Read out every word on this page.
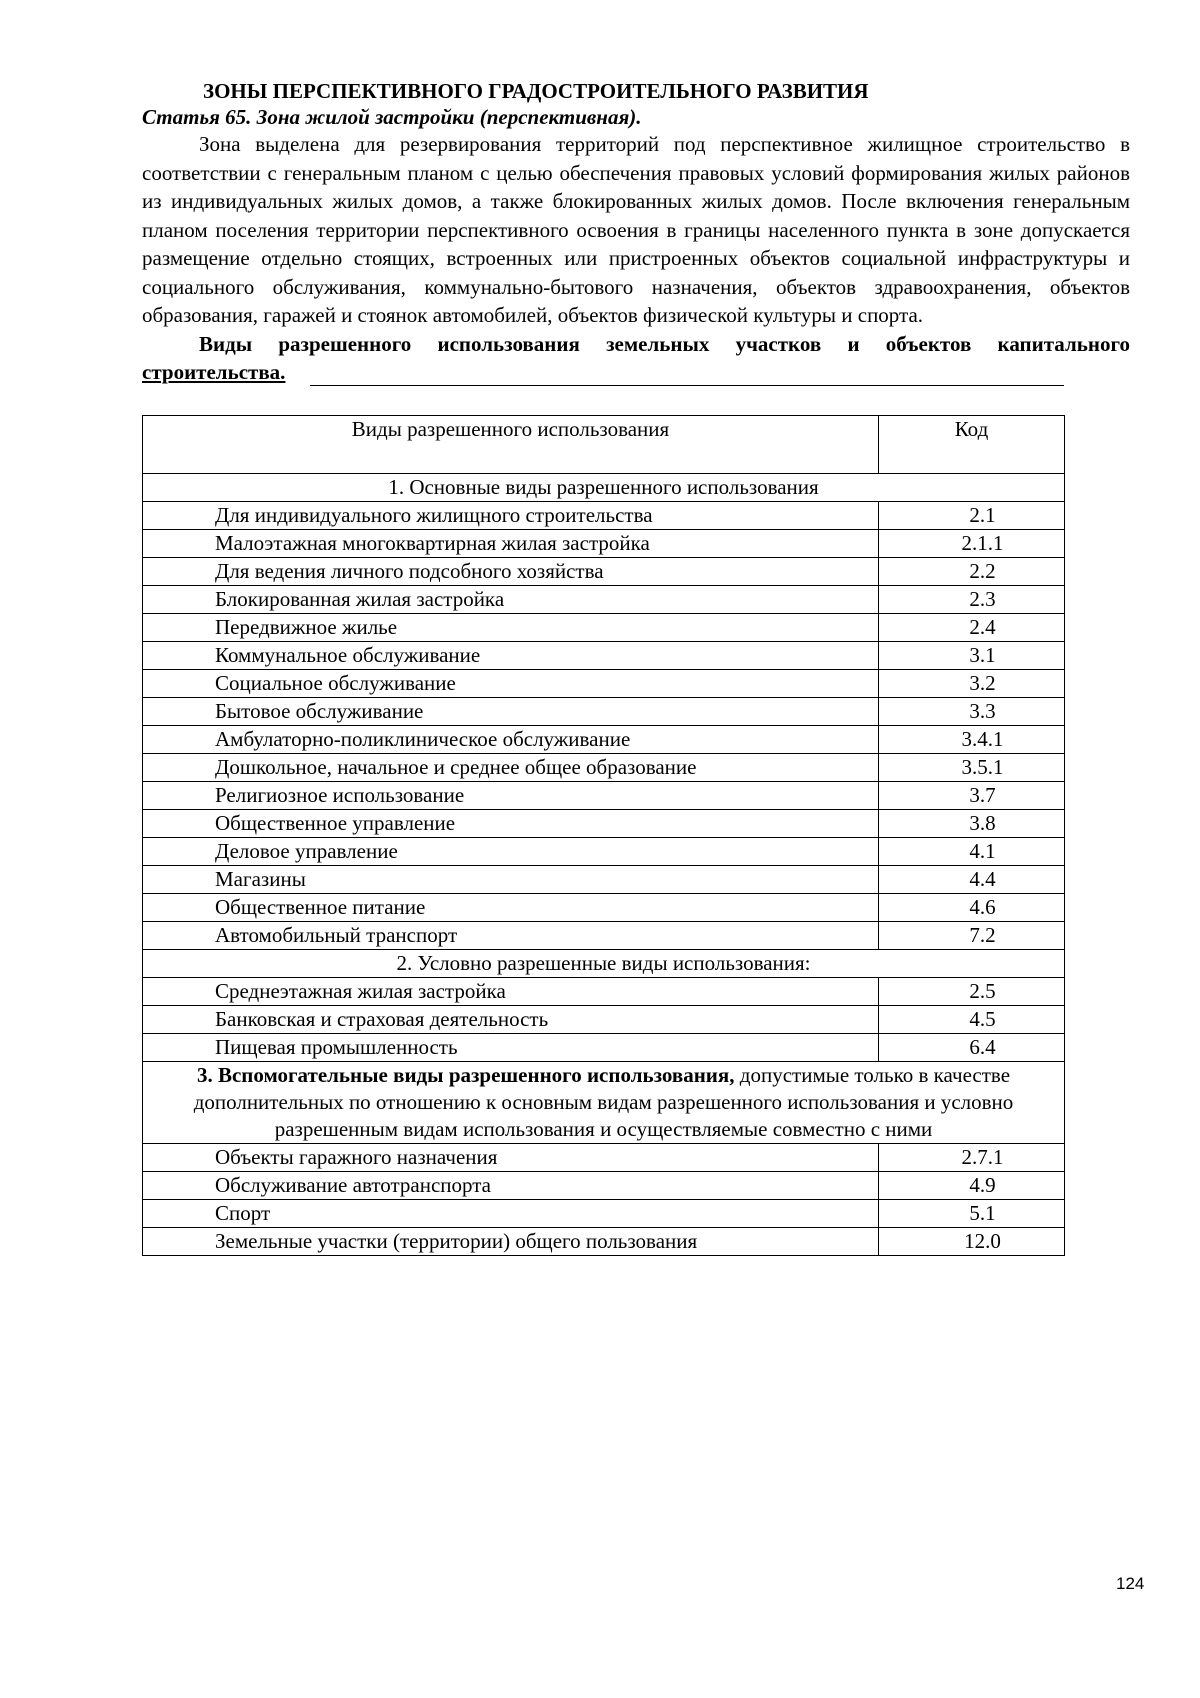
ЗОНЫ ПЕРСПЕКТИВНОГО ГРАДОСТРОИТЕЛЬНОГО РАЗВИТИЯ

Статья 65. Зона жилой застройки (перспективная).

Зона выделена для резервирования территорий под перспективное жилищное строительство в соответствии с генеральным планом с целью обеспечения правовых условий формирования жилых районов из индивидуальных жилых домов, а также блокированных жилых домов. После включения генеральным планом поселения территории перспективного освоения в границы населенного пункта в зоне допускается размещение отдельно стоящих, встроенных или пристроенных объектов социальной инфраструктуры и социального обслуживания, коммунально-бытового назначения, объектов здравоохранения, объектов образования, гаражей и стоянок автомобилей, объектов физической культуры и спорта.

Виды разрешенного использования земельных участков и объектов капитального строительства.

Виды разрешенного использования	Код
1. Основные виды разрешенного использования	
Для индивидуального жилищного строительства	2.1
Малоэтажная многоквартирная жилая застройка	2.1.1
Для ведения личного подсобного хозяйства	2.2
Блокированная жилая застройка	2.3
Передвижное жилье	2.4
Коммунальное обслуживание	3.1
Социальное обслуживание	3.2
Бытовое обслуживание	3.3
Амбулаторно-поликлиническое обслуживание	3.4.1
Дошкольное, начальное и среднее общее образование	3.5.1
Религиозное использование	3.7
Общественное управление	3.8
Деловое управление	4.1
Магазины	4.4
Общественное питание	4.6
Автомобильный транспорт	7.2
2. Условно разрешенные виды использования:	
Среднеэтажная жилая застройка	2.5
Банковская и страховая деятельность	4.5
Пищевая промышленность	6.4
3. Вспомогательные виды разрешенного использования, допустимые только в качестве дополнительных по отношению к основным видам разрешенного использования и условно разрешенным видам использования и осуществляемые совместно с ними	
Объекты гаражного назначения	2.7.1
Обслуживание автотранспорта	4.9
Спорт	5.1
Земельные участки (территории) общего пользования	12.0
124
